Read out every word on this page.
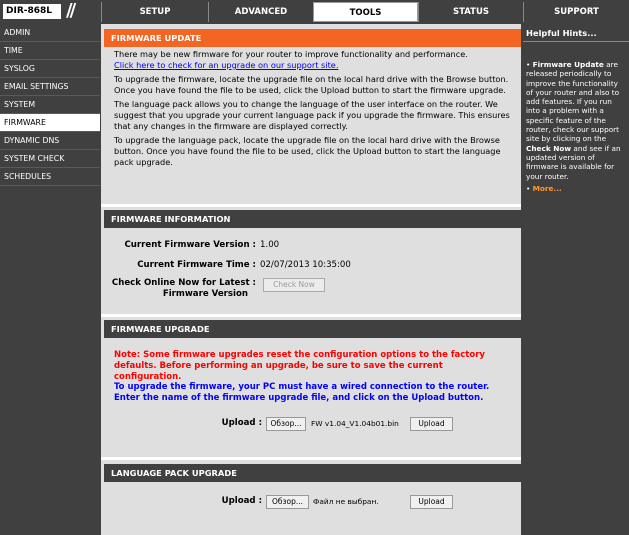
DIR-868L //	SETUP	ADVANCED	TOOLS	STATUS	SUPPORT
ADMIN
TIME
SYSLOG
EMAIL SETTINGS
SYSTEM
FIRMWARE
DYNAMIC DNS
SYSTEM CHECK
SCHEDULES
FIRMWARE UPDATE

There may be new firmware for your router to improve functionality and performance.
Click here to check for an upgrade on our support site.

To upgrade the firmware, locate the upgrade file on the local hard drive with the Browse button. Once you have found the file to be used, click the Upload button to start the firmware upgrade.

The language pack allows you to change the language of the user interface on the router. We suggest that you upgrade your current language pack if you upgrade the firmware. This ensures that any changes in the firmware are displayed correctly.

To upgrade the language pack, locate the upgrade file on the local hard drive with the Browse button. Once you have found the file to be used, click the Upload button to start the language pack upgrade.

FIRMWARE INFORMATION
Current Firmware Version : 1.00
Current Firmware Time : 02/07/2013 10:35:00
Check Online Now for Latest :
Firmware Version
Check Now
FIRMWARE UPGRADE
Note: Some firmware upgrades reset the configuration options to the factory defaults. Before performing an upgrade, be sure to save the current configuration.
To upgrade the firmware, your PC must have a wired connection to the router. Enter the name of the firmware upgrade file, and click on the Upload button.
Upload :	Обзор...	FW v1.04_V1.04b01.bin	Upload
LANGUAGE PACK UPGRADE
Upload :	Обзор...	Файл не выбран.	Upload
Helpful Hints...
• Firmware Update are released periodically to improve the functionality of your router and also to add features. If you run into a problem with a specific feature of the router, check our support site by clicking on the Check Now and see if an updated version of firmware is available for your router.
• More...
